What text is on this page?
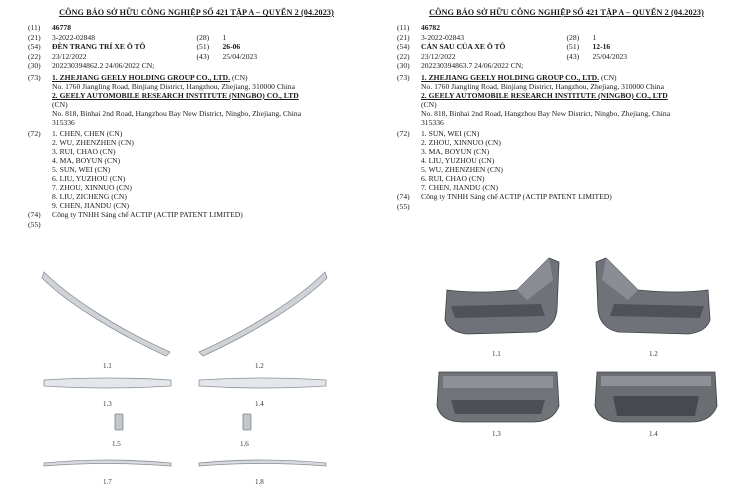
CÔNG BÁO SỞ HỮU CÔNG NGHIỆP SỐ 421 TẬP A – QUYỂN 2 (04.2023)
(11)	46778
(21)	3-2022-02848	(28)	1
(54)	ĐÈN TRANG TRÍ XE Ô TÔ	(51)	26-06
(22)	23/12/2022	(43)	25/04/2023
(30)	202230394862.2 24/06/2022 CN;
(73)	1. ZHEJIANG GEELY HOLDING GROUP CO., LTD. (CN)
No. 1760 Jiangling Road, Binjiang District, Hangzhou, Zhejiang, 310000 China
2. GEELY AUTOMOBILE RESEARCH INSTITUTE (NINGBO) CO., LTD
(CN)
No. 818, Binhai 2nd Road, Hangzhou Bay New District, Ningbo, Zhejiang, China
315336
(72)	1. CHEN, CHEN (CN)
2. WU, ZHENZHEN (CN)
3. RUI, CHAO (CN)
4. MA, BOYUN (CN)
5. SUN, WEI (CN)
6. LIU, YUZHOU (CN)
7. ZHOU, XINNUO (CN)
8. LIU, ZICHENG (CN)
9. CHEN, JIANDU (CN)
(74)	Công ty TNHH Sáng chế ACTIP (ACTIP PATENT LIMITED)
(55)
1.1	1.2
1.3	1.4
1.5	1.6
1.7	1.8
CÔNG BÁO SỞ HỮU CÔNG NGHIỆP SỐ 421 TẬP A – QUYỂN 2 (04.2023)
(11)	46782
(21)	3-2022-02843	(28)	1
(54)	CẢN SAU CỦA XE Ô TÔ	(51)	12-16
(22)	23/12/2022	(43)	25/04/2023
(30)	202230394863.7 24/06/2022 CN;
(73)	1. ZHEJIANG GEELY HOLDING GROUP CO., LTD. (CN)
No. 1760 Jiangling Road, Binjiang District, Hangzhou, Zhejiang, 310000 China
2. GEELY AUTOMOBILE RESEARCH INSTITUTE (NINGBO) CO., LTD
(CN)
No. 818, Binhai 2nd Road, Hangzhou Bay New District, Ningbo, Zhejiang, China
315336
(72)	1. SUN, WEI (CN)
2. ZHOU, XINNUO (CN)
3. MA, BOYUN (CN)
4. LIU, YUZHOU (CN)
5. WU, ZHENZHEN (CN)
6. RUI, CHAO (CN)
7. CHEN, JIANDU (CN)
(74)	Công ty TNHH Sáng chế ACTIP (ACTIP PATENT LIMITED)
(55)
1.1	1.2
1.3	1.4
